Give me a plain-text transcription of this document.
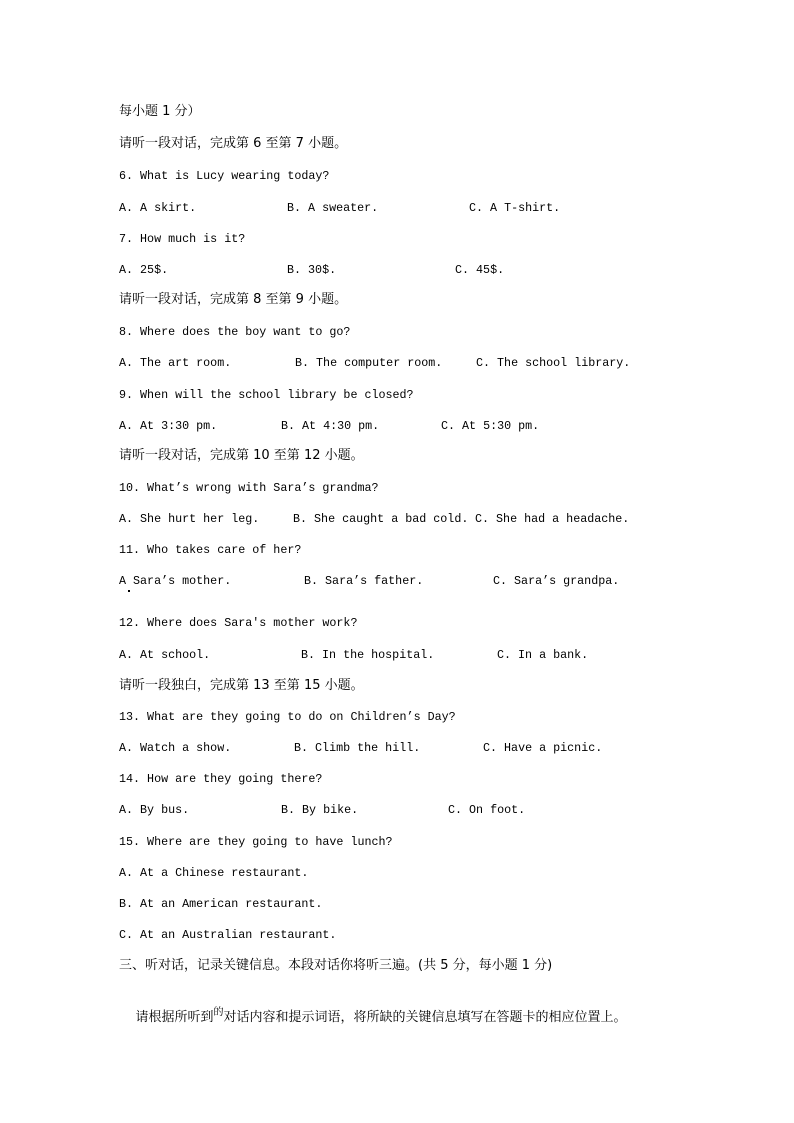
请根据所听到$^的$对话内容和提示词语，将所缺的关键信息填写在答题卡的相应位置上。

每小题 1 分）
请听一段对话，完成第 6 至第 7 小题。
6. What is Lucy wearing today?
A. A skirt.	B. A sweater.	C. A T-shirt.
7. How much is it?
A. 25$.	B. 30$.	C. 45$.
请听一段对话，完成第 8 至第 9 小题。
8. Where does the boy want to go?
A. The art room.	B. The computer room.	C. The school library.
9. When will the school library be closed?
A. At 3:30 pm.	B. At 4:30 pm.	C. At 5:30 pm.
请听一段对话，完成第 10 至第 12 小题。
10. What’s wrong with Sara’s grandma?
A. She hurt her leg.	B. She caught a bad cold. C. She had a headache.
11. Who takes care of her?
A Sara’s mother.	B. Sara’s father.	C. Sara’s grandpa.
12. Where does Sara's mother work?
A. At school.	B. In the hospital.	C. In a bank.
请听一段独白，完成第 13 至第 15 小题。
13. What are they going to do on Children’s Day?
A. Watch a show.	B. Climb the hill.	C. Have a picnic.
14. How are they going there?
A. By bus.	B. By bike.	C. On foot.
15. Where are they going to have lunch?
A. At a Chinese restaurant.
B. At an American restaurant.
C. At an Australian restaurant.
三、听对话，记录关键信息。本段对话你将听三遍。(共 5 分，每小题 1 分)
